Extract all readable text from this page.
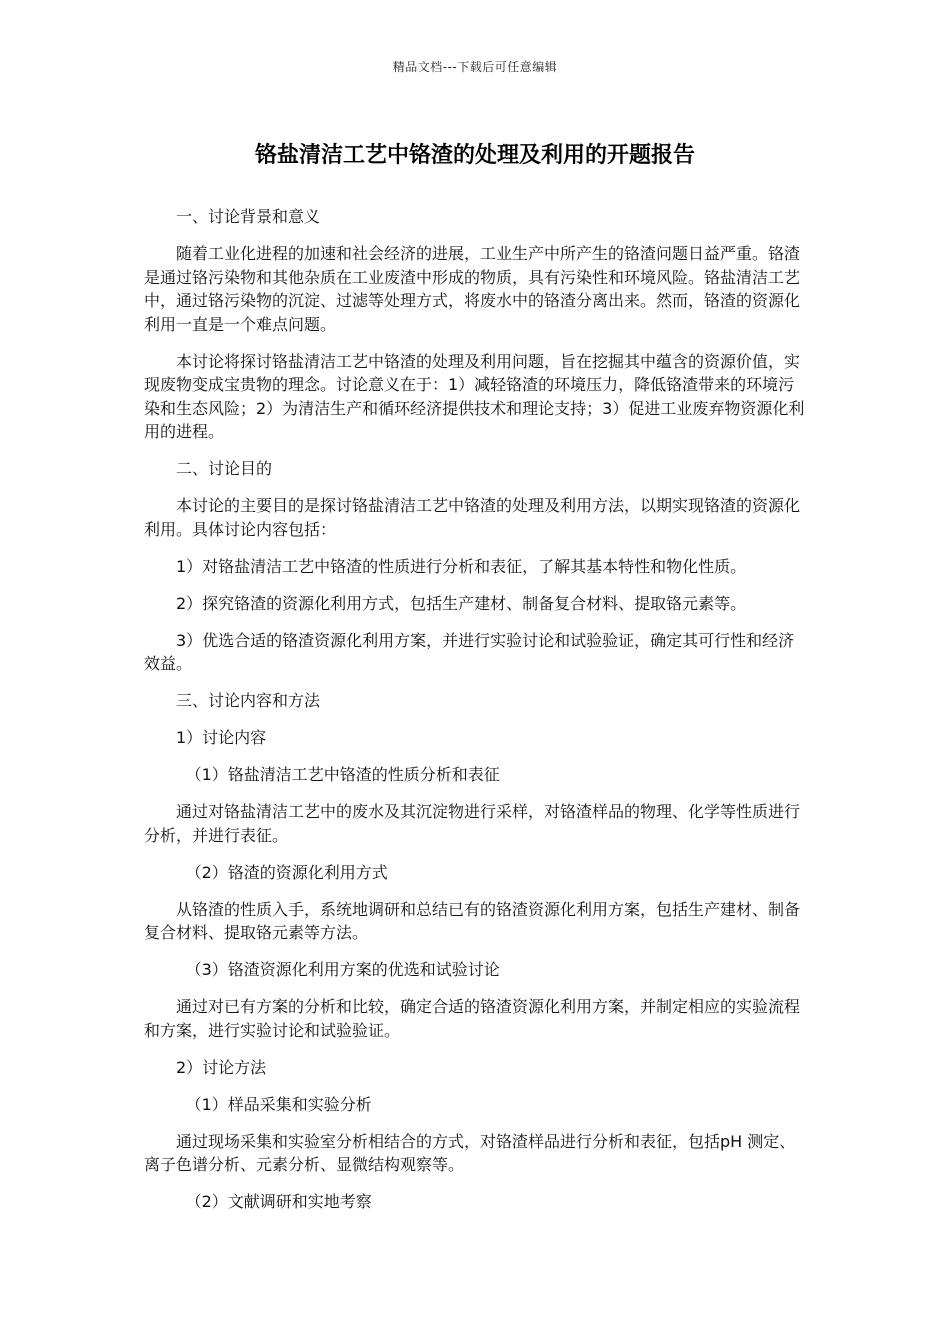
精品文档---下载后可任意编辑
铬盐清洁工艺中铬渣的处理及利用的开题报告

一、讨论背景和意义

随着工业化进程的加速和社会经济的进展，工业生产中所产生的铬渣问题日益严重。铬渣是通过铬污染物和其他杂质在工业废渣中形成的物质，具有污染性和环境风险。铬盐清洁工艺中，通过铬污染物的沉淀、过滤等处理方式，将废水中的铬渣分离出来。然而，铬渣的资源化利用一直是一个难点问题。

本讨论将探讨铬盐清洁工艺中铬渣的处理及利用问题，旨在挖掘其中蕴含的资源价值，实现废物变成宝贵物的理念。讨论意义在于：1）减轻铬渣的环境压力，降低铬渣带来的环境污染和生态风险；2）为清洁生产和循环经济提供技术和理论支持；3）促进工业废弃物资源化利用的进程。

二、讨论目的

本讨论的主要目的是探讨铬盐清洁工艺中铬渣的处理及利用方法，以期实现铬渣的资源化利用。具体讨论内容包括：

1）对铬盐清洁工艺中铬渣的性质进行分析和表征，了解其基本特性和物化性质。

2）探究铬渣的资源化利用方式，包括生产建材、制备复合材料、提取铬元素等。

3）优选合适的铬渣资源化利用方案，并进行实验讨论和试验验证，确定其可行性和经济效益。

三、讨论内容和方法

1）讨论内容

（1）铬盐清洁工艺中铬渣的性质分析和表征

通过对铬盐清洁工艺中的废水及其沉淀物进行采样，对铬渣样品的物理、化学等性质进行分析，并进行表征。

（2）铬渣的资源化利用方式

从铬渣的性质入手，系统地调研和总结已有的铬渣资源化利用方案，包括生产建材、制备复合材料、提取铬元素等方法。

（3）铬渣资源化利用方案的优选和试验讨论

通过对已有方案的分析和比较，确定合适的铬渣资源化利用方案，并制定相应的实验流程和方案，进行实验讨论和试验验证。

2）讨论方法

（1）样品采集和实验分析

通过现场采集和实验室分析相结合的方式，对铬渣样品进行分析和表征，包括pH 测定、离子色谱分析、元素分析、显微结构观察等。

（2）文献调研和实地考察
